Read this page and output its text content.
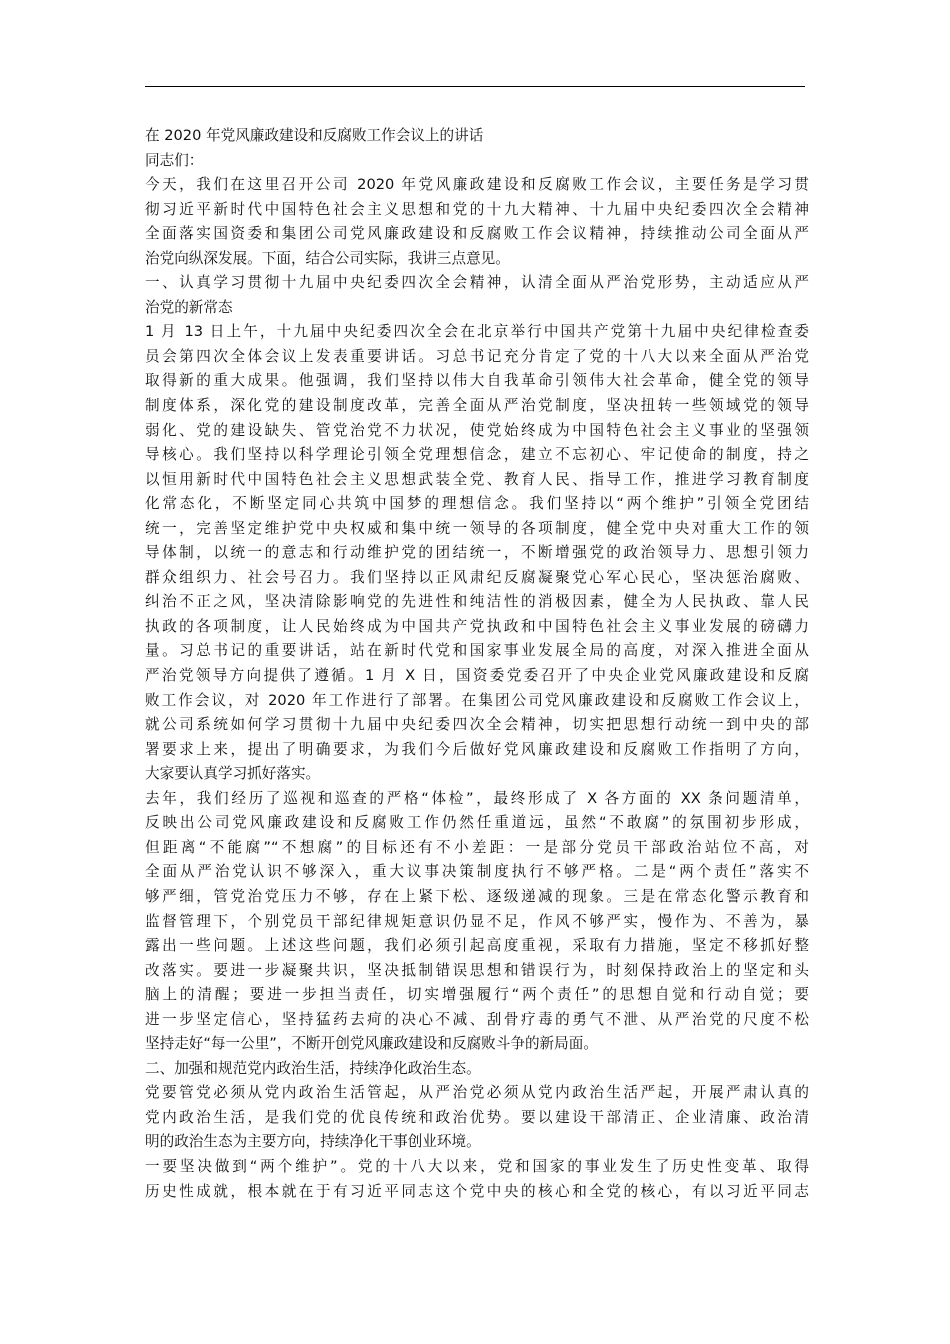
在 2020 年党风廉政建设和反腐败工作会议上的讲话
同志们：
今天，我们在这里召开公司 2020 年党风廉政建设和反腐败工作会议，主要任务是学习贯
彻习近平新时代中国特色社会主义思想和党的十九大精神、十九届中央纪委四次全会精神
全面落实国资委和集团公司党风廉政建设和反腐败工作会议精神，持续推动公司全面从严
治党向纵深发展。下面，结合公司实际，我讲三点意见。
一、认真学习贯彻十九届中央纪委四次全会精神，认清全面从严治党形势，主动适应从严
治党的新常态
1 月 13 日上午，十九届中央纪委四次全会在北京举行中国共产党第十九届中央纪律检查委
员会第四次全体会议上发表重要讲话。习总书记充分肯定了党的十八大以来全面从严治党
取得新的重大成果。他强调，我们坚持以伟大自我革命引领伟大社会革命，健全党的领导
制度体系，深化党的建设制度改革，完善全面从严治党制度，坚决扭转一些领域党的领导
弱化、党的建设缺失、管党治党不力状况，使党始终成为中国特色社会主义事业的坚强领
导核心。我们坚持以科学理论引领全党理想信念，建立不忘初心、牢记使命的制度，持之
以恒用新时代中国特色社会主义思想武装全党、教育人民、指导工作，推进学习教育制度
化常态化，不断坚定同心共筑中国梦的理想信念。我们坚持以“两个维护”引领全党团结
统一，完善坚定维护党中央权威和集中统一领导的各项制度，健全党中央对重大工作的领
导体制，以统一的意志和行动维护党的团结统一，不断增强党的政治领导力、思想引领力
群众组织力、社会号召力。我们坚持以正风肃纪反腐凝聚党心军心民心，坚决惩治腐败、
纠治不正之风，坚决清除影响党的先进性和纯洁性的消极因素，健全为人民执政、靠人民
执政的各项制度，让人民始终成为中国共产党执政和中国特色社会主义事业发展的磅礴力
量。习总书记的重要讲话，站在新时代党和国家事业发展全局的高度，对深入推进全面从
严治党领导方向提供了遵循。1 月 X 日，国资委党委召开了中央企业党风廉政建设和反腐
败工作会议，对 2020 年工作进行了部署。在集团公司党风廉政建设和反腐败工作会议上，
就公司系统如何学习贯彻十九届中央纪委四次全会精神，切实把思想行动统一到中央的部
署要求上来，提出了明确要求，为我们今后做好党风廉政建设和反腐败工作指明了方向，
大家要认真学习抓好落实。
去年，我们经历了巡视和巡查的严格“体检”，最终形成了 X 各方面的 XX 条问题清单，
反映出公司党风廉政建设和反腐败工作仍然任重道远，虽然“不敢腐”的氛围初步形成，
但距离“不能腐”“不想腐”的目标还有不小差距：一是部分党员干部政治站位不高，对
全面从严治党认识不够深入，重大议事决策制度执行不够严格。二是“两个责任”落实不
够严细，管党治党压力不够，存在上紧下松、逐级递减的现象。三是在常态化警示教育和
监督管理下，个别党员干部纪律规矩意识仍显不足，作风不够严实，慢作为、不善为，暴
露出一些问题。上述这些问题，我们必须引起高度重视，采取有力措施，坚定不移抓好整
改落实。要进一步凝聚共识，坚决抵制错误思想和错误行为，时刻保持政治上的坚定和头
脑上的清醒；要进一步担当责任，切实增强履行“两个责任”的思想自觉和行动自觉；要
进一步坚定信心，坚持猛药去疴的决心不减、刮骨疗毒的勇气不泄、从严治党的尺度不松
坚持走好“每一公里”，不断开创党风廉政建设和反腐败斗争的新局面。
二、加强和规范党内政治生活，持续净化政治生态。
党要管党必须从党内政治生活管起，从严治党必须从党内政治生活严起，开展严肃认真的
党内政治生活，是我们党的优良传统和政治优势。要以建设干部清正、企业清廉、政治清
明的政治生态为主要方向，持续净化干事创业环境。
一要坚决做到“两个维护”。党的十八大以来，党和国家的事业发生了历史性变革、取得
历史性成就，根本就在于有习近平同志这个党中央的核心和全党的核心，有以习近平同志
